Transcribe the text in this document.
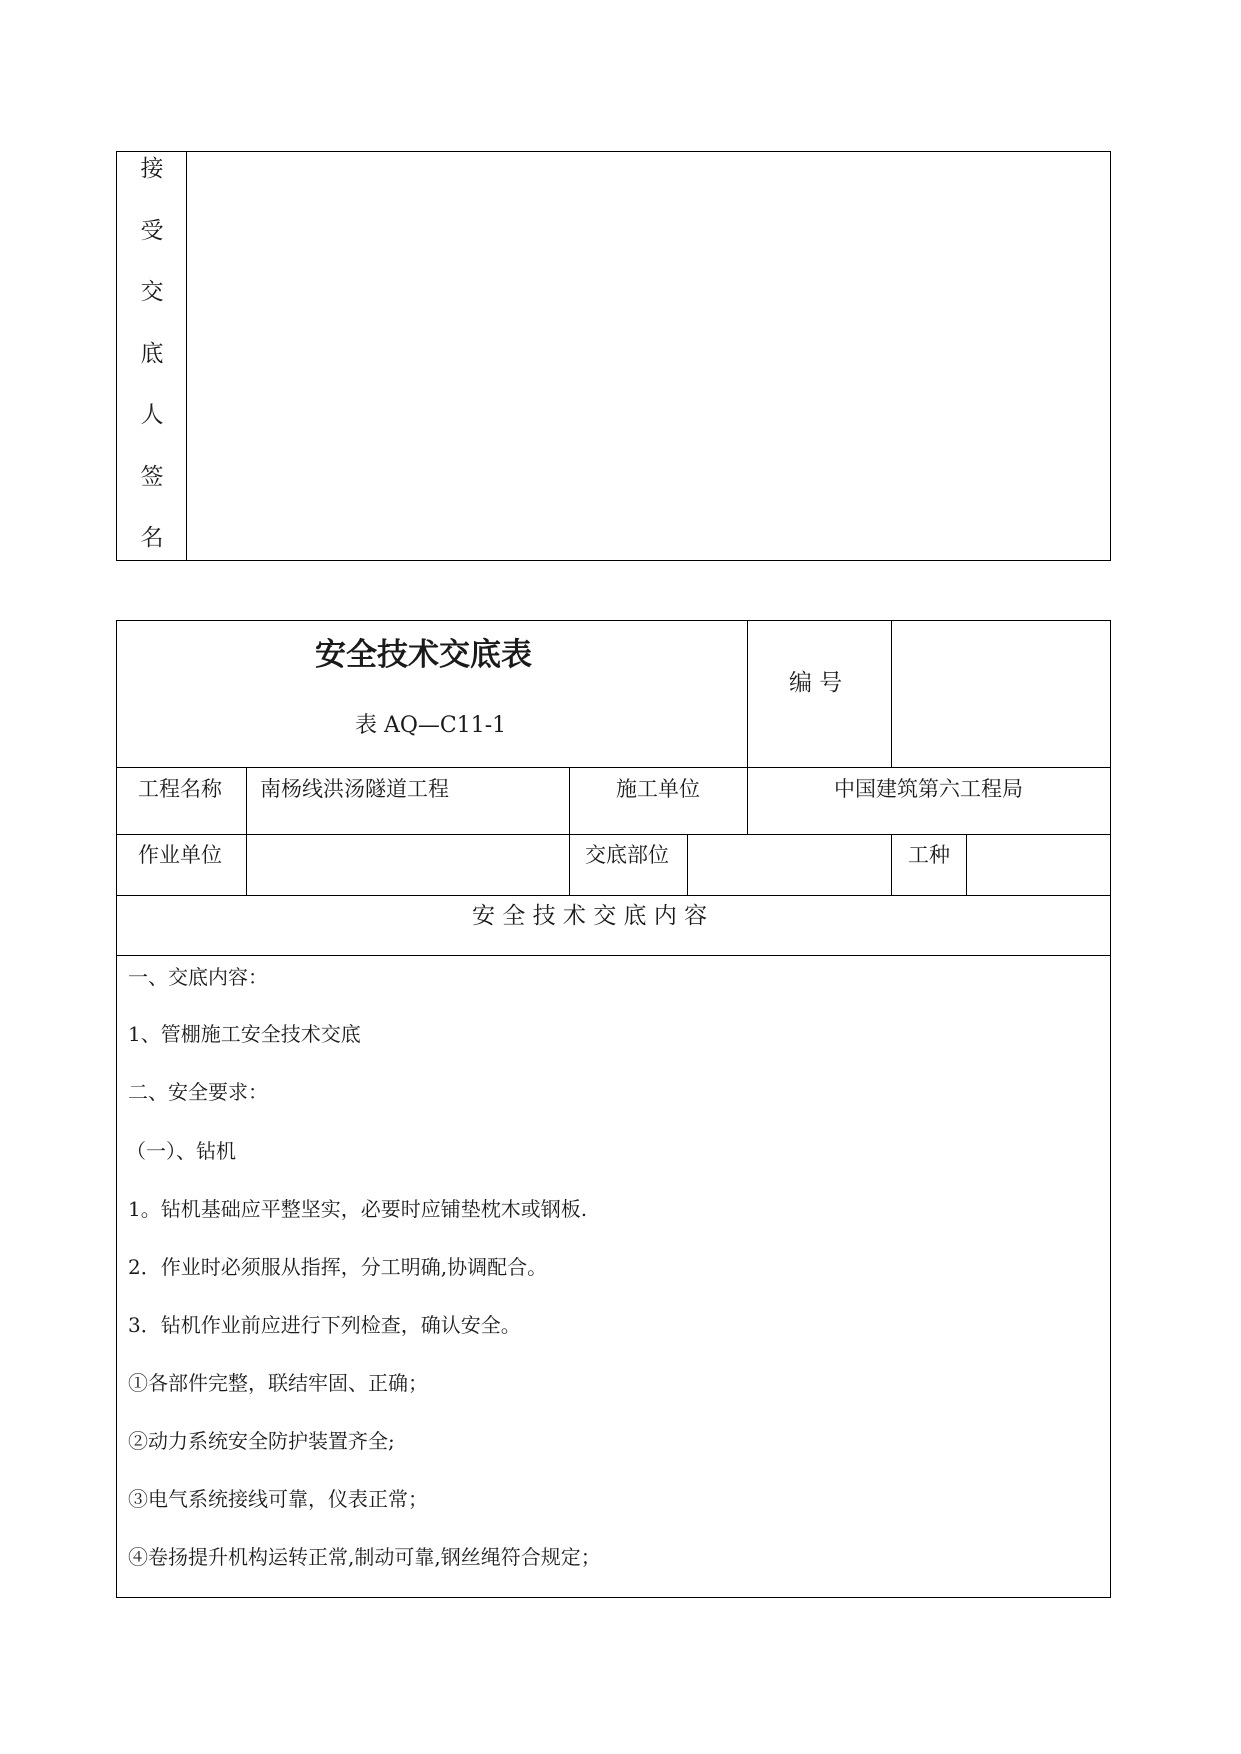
接
受
交
底
人
签
名
安全技术交底表
表 AQ—C11-1
编 号
工程名称 南杨线洪汤隧道工程	施工单位	中国建筑第六工程局
作业单位	交底部位	工种
安 全 技 术 交 底 内 容
一、交底内容：
1、管棚施工安全技术交底
二、安全要求：
（一）、钻机
1。钻机基础应平整坚实，必要时应铺垫枕木或钢板.
2．作业时必须服从指挥，分工明确,协调配合。
3．钻机作业前应进行下列检查，确认安全。
①各部件完整，联结牢固、正确；
②动力系统安全防护装置齐全;
③电气系统接线可靠，仪表正常；
④卷扬提升机构运转正常,制动可靠,钢丝绳符合规定；
